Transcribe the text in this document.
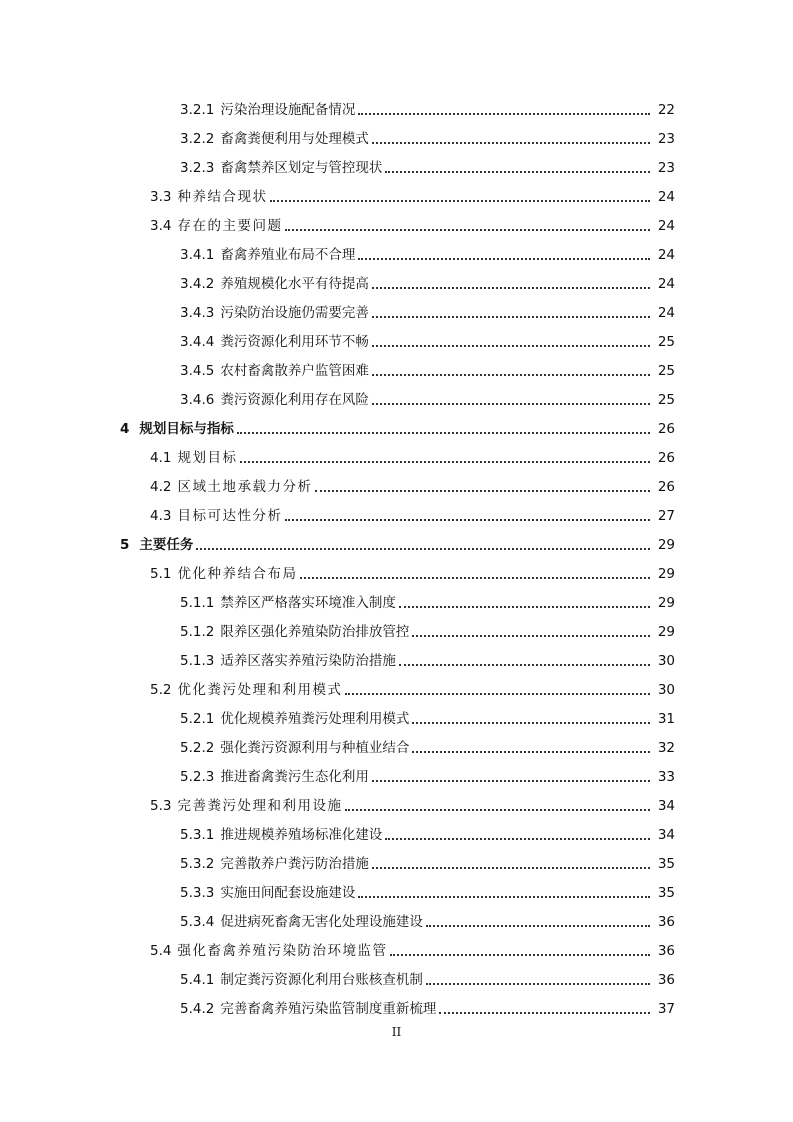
3.2.1 污染治理设施配备情况	22
3.2.2 畜禽粪便利用与处理模式	23
3.2.3 畜禽禁养区划定与管控现状	23
3.3 种养结合现状	24
3.4 存在的主要问题	24
3.4.1 畜禽养殖业布局不合理	24
3.4.2 养殖规模化水平有待提高	24
3.4.3 污染防治设施仍需要完善	24
3.4.4 粪污资源化利用环节不畅	25
3.4.5 农村畜禽散养户监管困难	25
3.4.6 粪污资源化利用存在风险	25
4 规划目标与指标	26
4.1 规划目标	26
4.2 区域土地承载力分析	26
4.3 目标可达性分析	27
5 主要任务	29
5.1 优化种养结合布局	29
5.1.1 禁养区严格落实环境准入制度	29
5.1.2 限养区强化养殖染防治排放管控	29
5.1.3 适养区落实养殖污染防治措施	30
5.2 优化粪污处理和利用模式	30
5.2.1 优化规模养殖粪污处理利用模式	31
5.2.2 强化粪污资源利用与种植业结合	32
5.2.3 推进畜禽粪污生态化利用	33
5.3 完善粪污处理和利用设施	34
5.3.1 推进规模养殖场标准化建设	34
5.3.2 完善散养户粪污防治措施	35
5.3.3 实施田间配套设施建设	35
5.3.4 促进病死畜禽无害化处理设施建设	36
5.4 强化畜禽养殖污染防治环境监管	36
5.4.1 制定粪污资源化利用台账核查机制	36
5.4.2 完善畜禽养殖污染监管制度重新梳理	37
II
